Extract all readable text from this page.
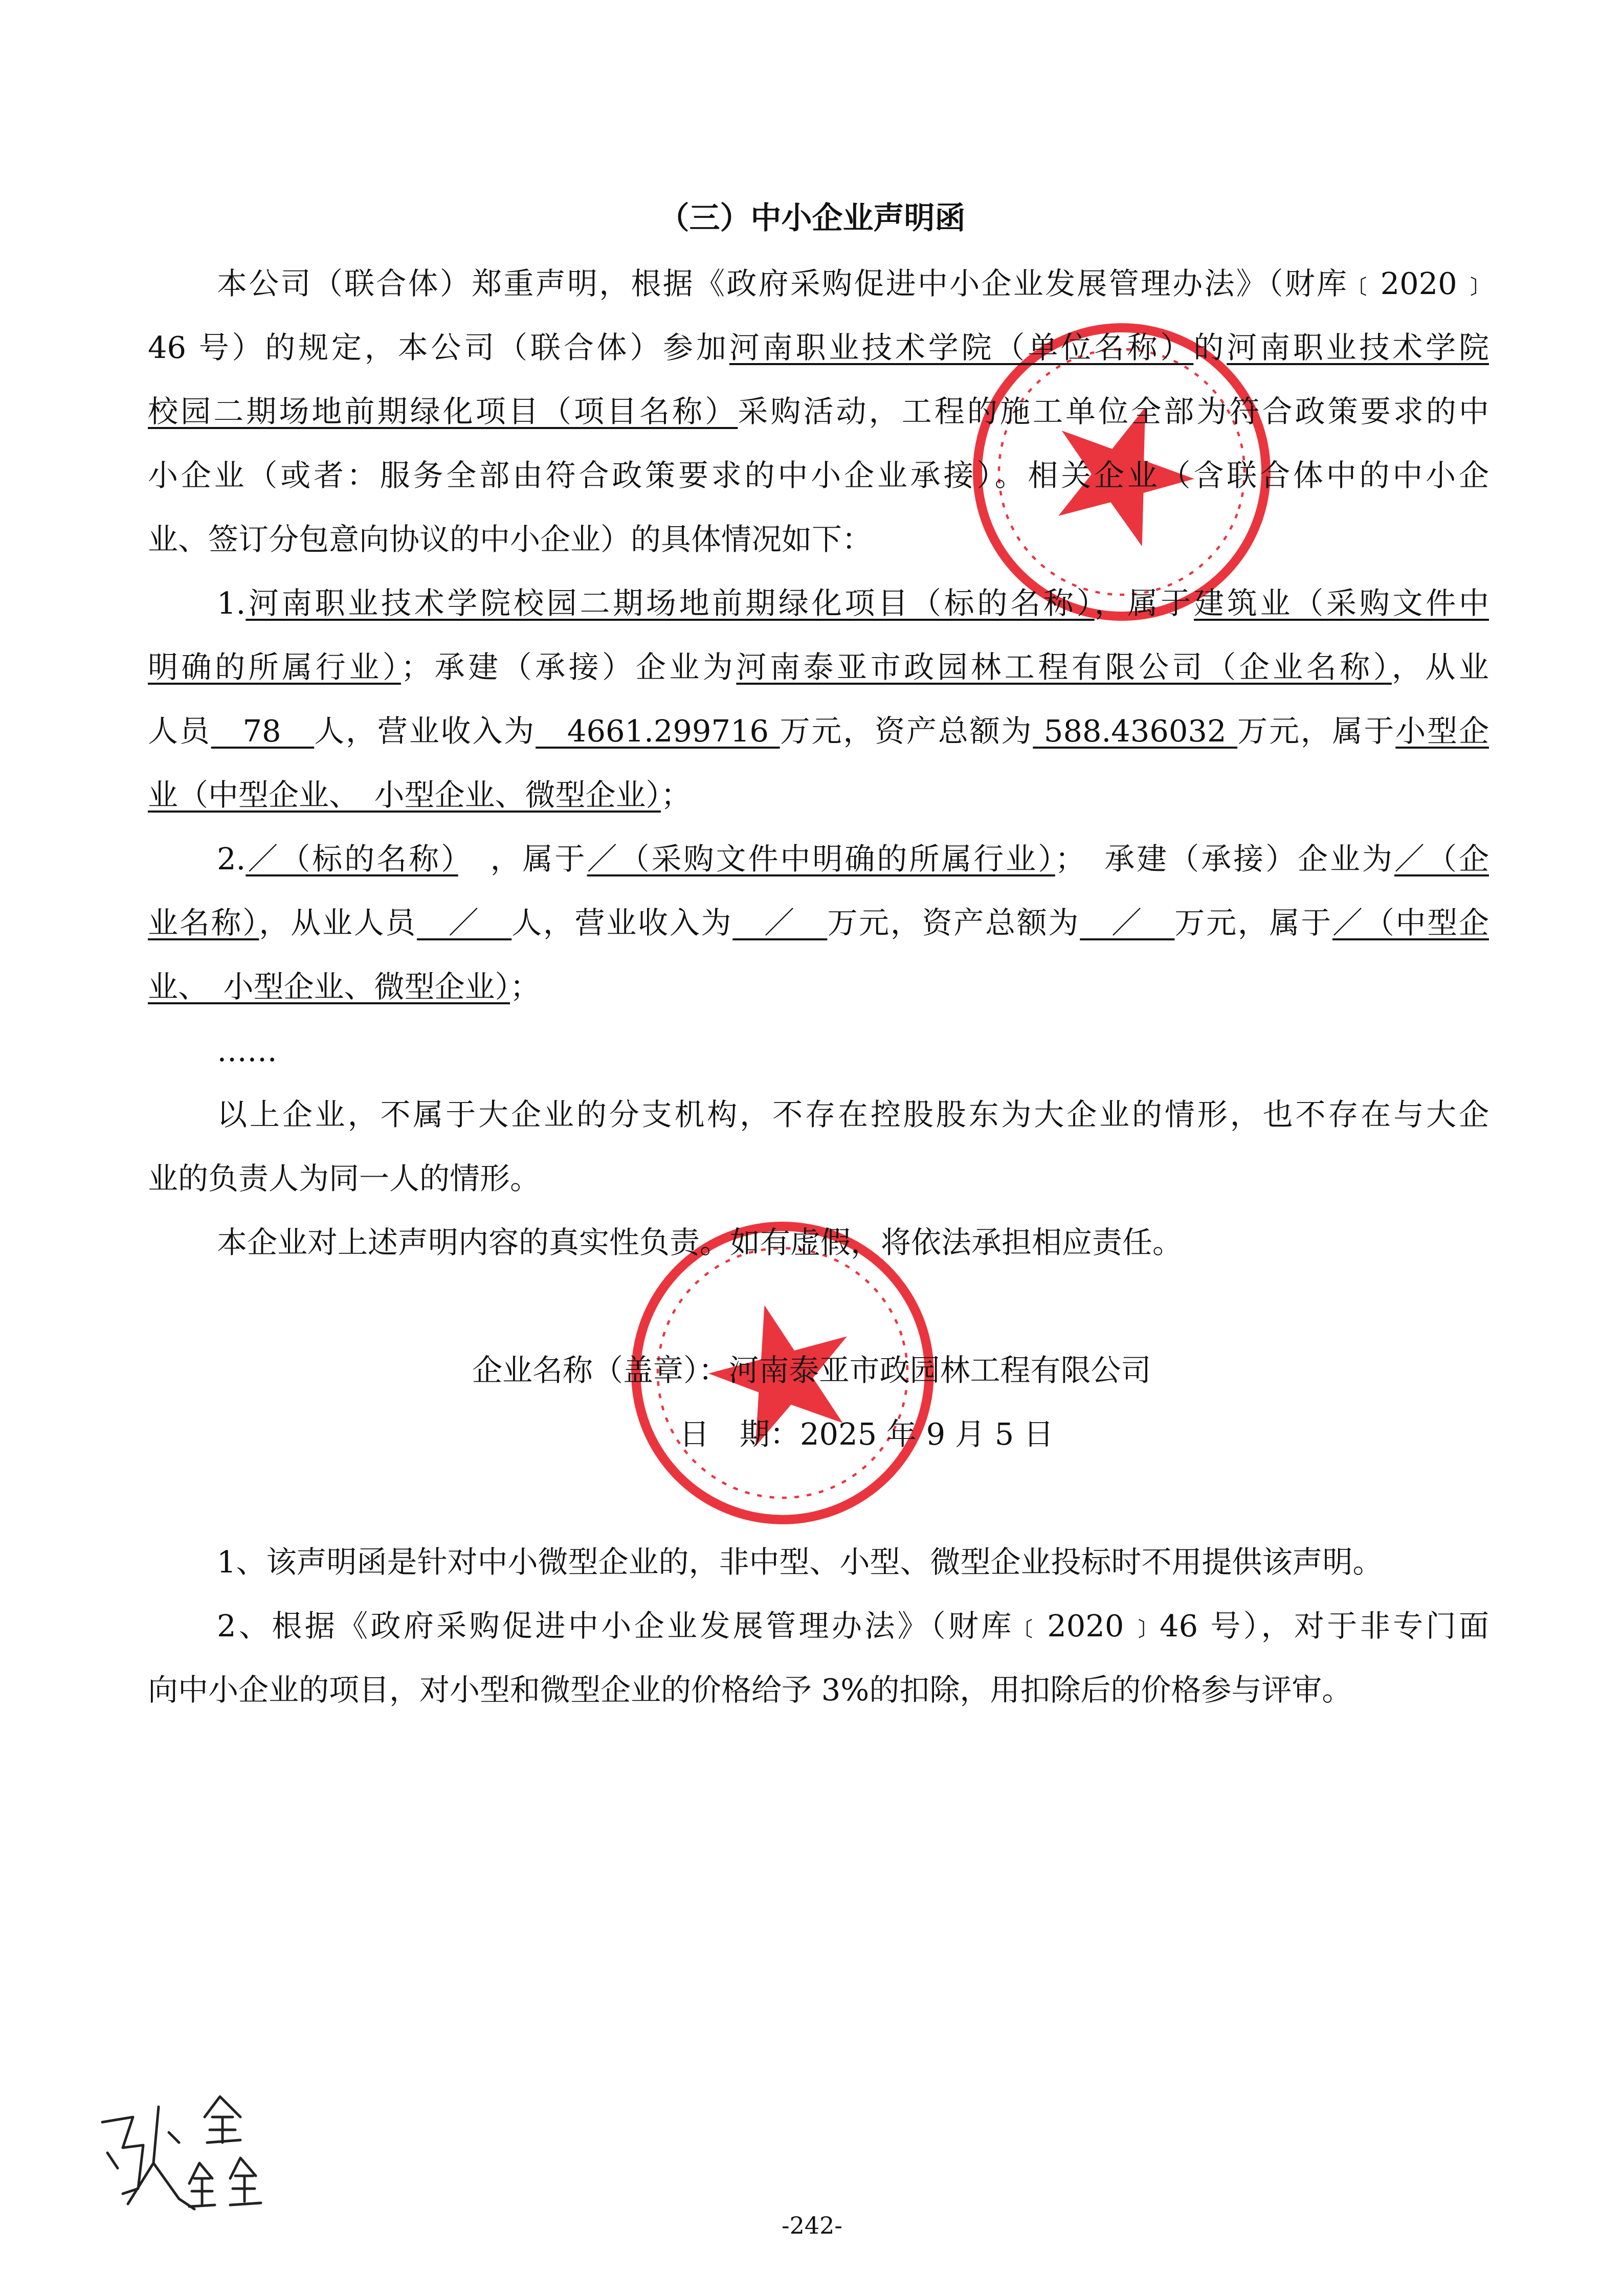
（三）中小企业声明函
本公司（联合体）郑重声明，根据《政府采购促进中小企业发展管理办法》（财库﹝2020﹞
46 号）的规定，本公司（联合体）参加河南职业技术学院（单位名称）的河南职业技术学院
校园二期场地前期绿化项目（项目名称）采购活动，工程的施工单位全部为符合政策要求的中
小企业（或者：服务全部由符合政策要求的中小企业承接）。相关企业（含联合体中的中小企
业、签订分包意向协议的中小企业）的具体情况如下：
1.河南职业技术学院校园二期场地前期绿化项目（标的名称），属于建筑业（采购文件中
明确的所属行业）；承建（承接）企业为河南泰亚市政园林工程有限公司（企业名称），从业
人员　78　人，营业收入为　4661.299716 万元，资产总额为 588.436032 万元，属于小型企
业（中型企业、　小型企业、微型企业）；
2.／（标的名称）　，属于／（采购文件中明确的所属行业）；　承建（承接）企业为／（企
业名称），从业人员　／　人，营业收入为　／　万元，资产总额为　／　万元，属于／（中型企
业、　小型企业、微型企业）；
……
以上企业，不属于大企业的分支机构，不存在控股股东为大企业的情形，也不存在与大企
业的负责人为同一人的情形。
本企业对上述声明内容的真实性负责。如有虚假，将依法承担相应责任。
企业名称（盖章）：河南泰亚市政园林工程有限公司
日　期：2025 年 9 月 5 日
1、该声明函是针对中小微型企业的，非中型、小型、微型企业投标时不用提供该声明。
2、根据《政府采购促进中小企业发展管理办法》（财库﹝2020﹞46 号），对于非专门面
向中小企业的项目，对小型和微型企业的价格给予 3%的扣除，用扣除后的价格参与评审。
-242-
